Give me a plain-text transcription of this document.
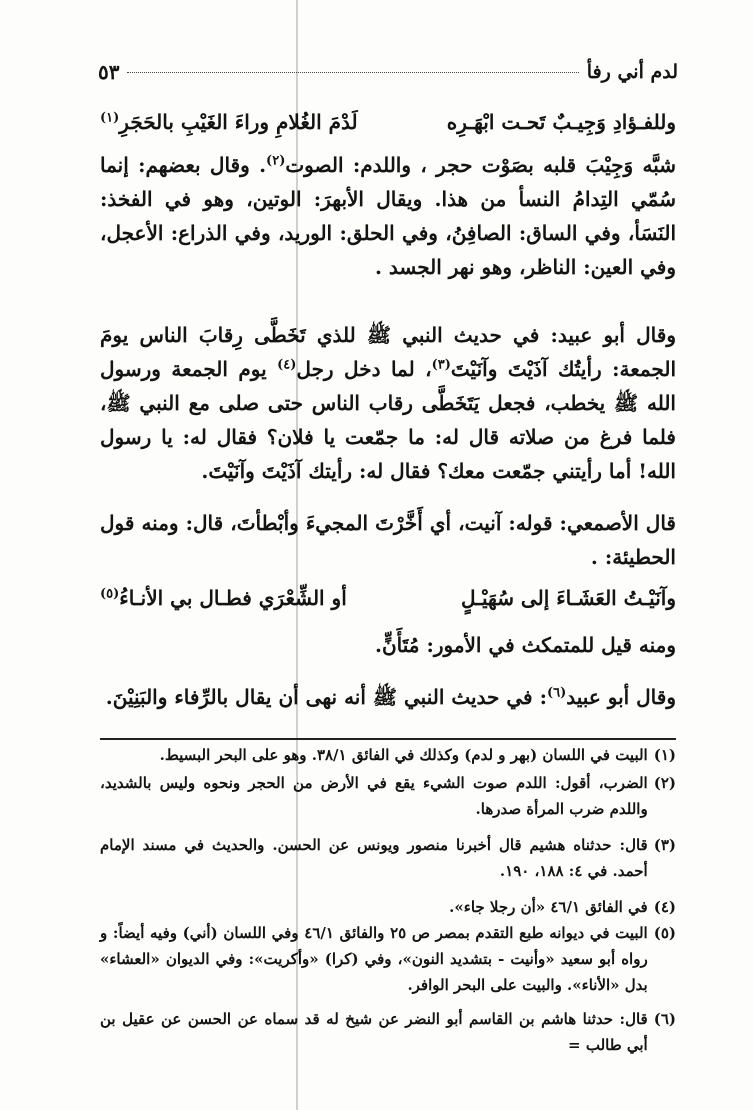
لدم أني رفأ
٥٣
وللفـؤادِ وَجِيـبٌ تَحـت ابْهَـرِه
لَدْمَ الغُلامِ وراءَ الغَيْبِ بالحَجَرِ$^{(١)}$

شبَّه وَجِيْبَ قلبه بصَوْت حجر ، واللدم: الصوت$^{(٢)}$. وقال بعضهم: إنما سُمّي التِدامُ النسأ من هذا. ويقال الأبهرَ: الوتين، وهو في الفخذ: النَسَأ، وفي الساق: الصافِنُ، وفي الحلق: الوريد، وفي الذراع: الأعجل، وفي العين: الناظر، وهو نهر الجسد .

وقال أبو عبيد: في حديث النبي ﷺ للذي تَخَطَّى رِقابَ الناس يومَ الجمعة: رأيتُك آذَيْتَ وآنَيْتَ$^{(٣)}$، لما دخل رجل$^{(٤)}$ يوم الجمعة ورسول الله ﷺ يخطب، فجعل يَتَخَطَّى رقاب الناس حتى صلى مع النبي ﷺ، فلما فرغ من صلاته قال له: ما جمّعت يا فلان؟ فقال له: يا رسول الله! أما رأيتني جمّعت معك؟ فقال له: رأيتك آذَيْتَ وآنَيْتَ.

قال الأصمعي: قوله: آنيت، أي أَخَّرْتَ المجيءَ وأبْطأتَ، قال: ومنه قول الحطيئة: .

وآنَيْـتُ العَشَـاءَ إلى سُهَيْـلٍ
أو الشِّعْرَي فطـال بي الأنـاءُ$^{(٥)}$

ومنه قيل للمتمكث في الأمور: مُتَأَنٍّ.

وقال أبو عبيد$^{(٦)}$: في حديث النبي ﷺ أنه نهى أن يقال بالرِّفاء والبَنِيْنَ.

(١)
البيت في اللسان (بهر و لدم) وكذلك في الفائق ٣٨/١. وهو على البحر البسيط.

(٢)
الضرب، أقول: اللدم صوت الشيء يقع في الأرض من الحجر ونحوه وليس بالشديد، واللدم ضرب المرأة صدرها.

(٣)
قال: حدثناه هشيم قال أخبرنا منصور ويونس عن الحسن. والحديث في مسند الإمام أحمد. في ٤: ١٨٨، ١٩٠.

(٤)
في الفائق ٤٦/١ «أن رجلا جاء».

(٥)
البيت في ديوانه طبع التقدم بمصر ص ٢٥ والفائق ٤٦/١ وفي اللسان (أني) وفيه أيضاً: و رواه أبو سعيد «وأنيت - بتشديد النون»، وفي (كرا) «وأكريت»: وفي الديوان «العشاء» بدل «الأناء». والبيت على البحر الوافر.

(٦)
قال: حدثنا هاشم بن القاسم أبو النضر عن شيخ له قد سماه عن الحسن عن عقيل بن أبي طالب =
